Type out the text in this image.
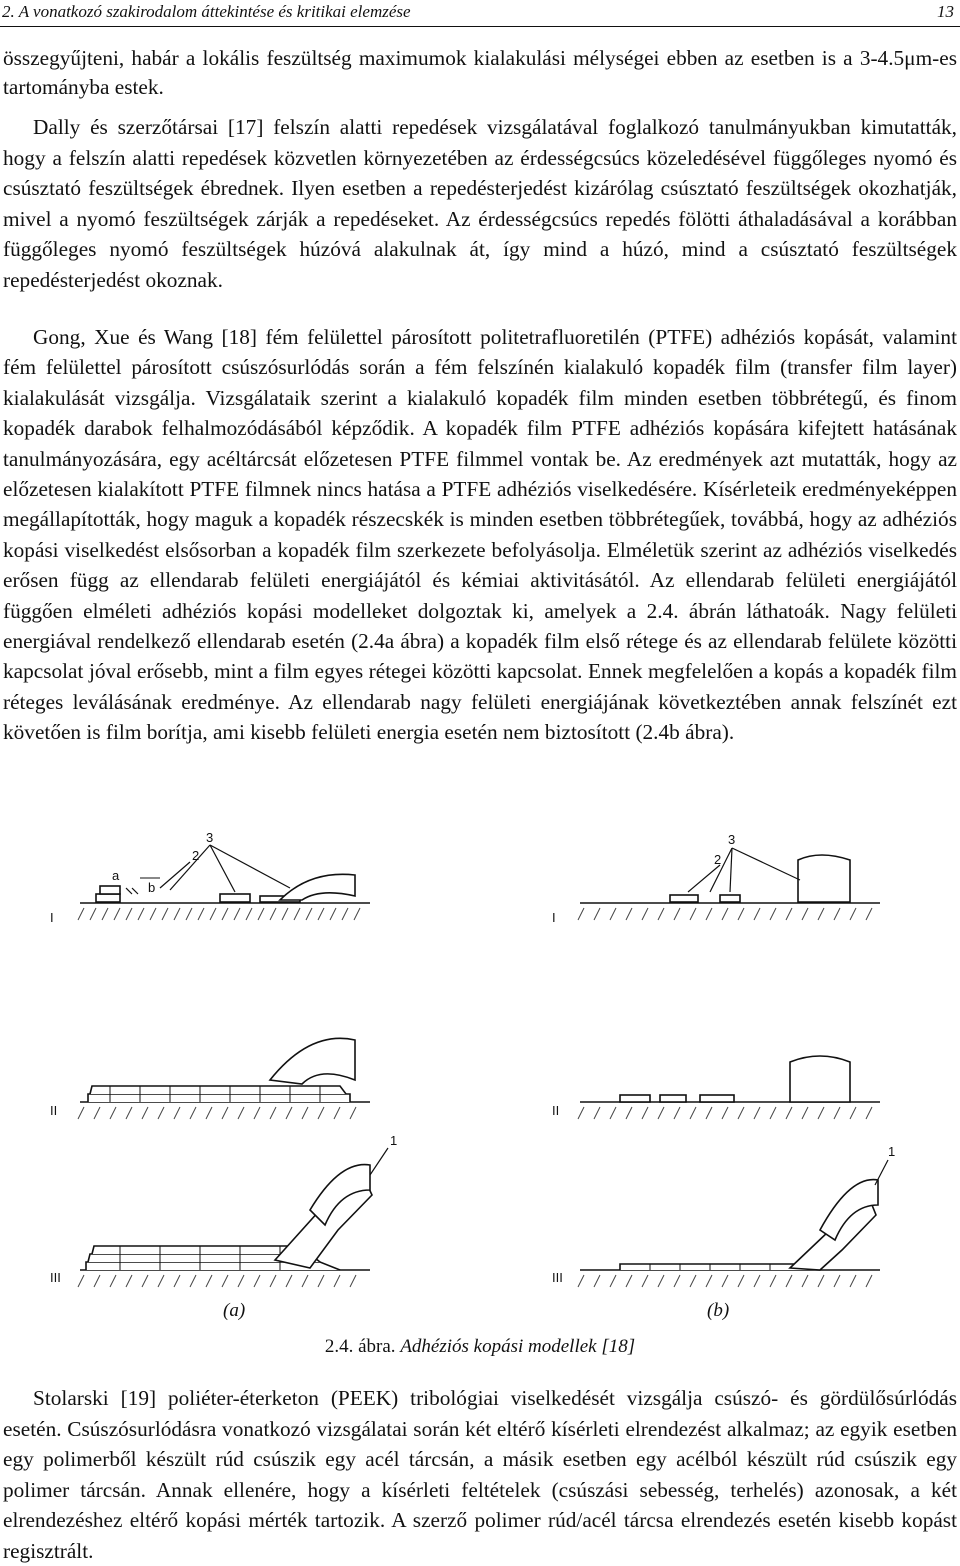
2. A vonatkozó szakirodalom áttekintése és kritikai elemzése	13

összegyűjteni, habár a lokális feszültség maximumok kialakulási mélységei ebben az esetben is a 3-4.5μm-es tartományba estek.

Dally és szerzőtársai [17] felszín alatti repedések vizsgálatával foglalkozó tanulmányukban kimutatták, hogy a felszín alatti repedések közvetlen környezetében az érdességcsúcs közeledésével függőleges nyomó és csúsztató feszültségek ébrednek. Ilyen esetben a repedésterjedést kizárólag csúsztató feszültségek okozhatják, mivel a nyomó feszültségek zárják a repedéseket. Az érdességcsúcs repedés fölötti áthaladásával a korábban függőleges nyomó feszültségek húzóvá alakulnak át, így mind a húzó, mind a csúsztató feszültségek repedésterjedést okoznak.

Gong, Xue és Wang [18] fém felülettel párosított politetrafluoretilén (PTFE) adhéziós kopását, valamint fém felülettel párosított csúszósurlódás során a fém felszínén kialakuló kopadék film (transfer film layer) kialakulását vizsgálja. Vizsgálataik szerint a kialakuló kopadék film minden esetben többrétegű, és finom kopadék darabok felhalmozódásából képződik. A kopadék film PTFE adhéziós kopására kifejtett hatásának tanulmányozására, egy acéltárcsát előzetesen PTFE filmmel vontak be. Az eredmények azt mutatták, hogy az előzetesen kialakított PTFE filmnek nincs hatása a PTFE adhéziós viselkedésére. Kísérleteik eredményeképpen megállapították, hogy maguk a kopadék részecskék is minden esetben többrétegűek, továbbá, hogy az adhéziós kopási viselkedést elsősorban a kopadék film szerkezete befolyásolja. Elméletük szerint az adhéziós viselkedés erősen függ az ellendarab felületi energiájától és kémiai aktivitásától. Az ellendarab felületi energiájától függően elméleti adhéziós kopási modelleket dolgoztak ki, amelyek a 2.4. ábrán láthatoák. Nagy felületi energiával rendelkező ellendarab esetén (2.4a ábra) a kopadék film első rétege és az ellendarab felülete közötti kapcsolat jóval erősebb, mint a film egyes rétegei közötti kapcsolat. Ennek megfelelően a kopás a kopadék film réteges leválásának eredménye. Az ellendarab nagy felületi energiájának következtében annak felszínét ezt követően is film borítja, ami kisebb felületi energia esetén nem biztosított (2.4b ábra).

I
II
III
a
b
2
3
1
I
II
III
2
3
1
(a)	(b)
2.4. ábra. Adhéziós kopási modellek [18]

Stolarski [19] poliéter-éterketon (PEEK) tribológiai viselkedését vizsgálja csúszó- és gördülősúrlódás esetén. Csúszósurlódásra vonatkozó vizsgálatai során két eltérő kísérleti elrendezést alkalmaz; az egyik esetben egy polimerből készült rúd csúszik egy acél tárcsán, a másik esetben egy acélból készült rúd csúszik egy polimer tárcsán. Annak ellenére, hogy a kísérleti feltételek (csúszási sebesség, terhelés) azonosak, a két elrendezéshez eltérő kopási mérték tartozik. A szerző polimer rúd/acél tárcsa elrendezés esetén kisebb kopást regisztrált.
